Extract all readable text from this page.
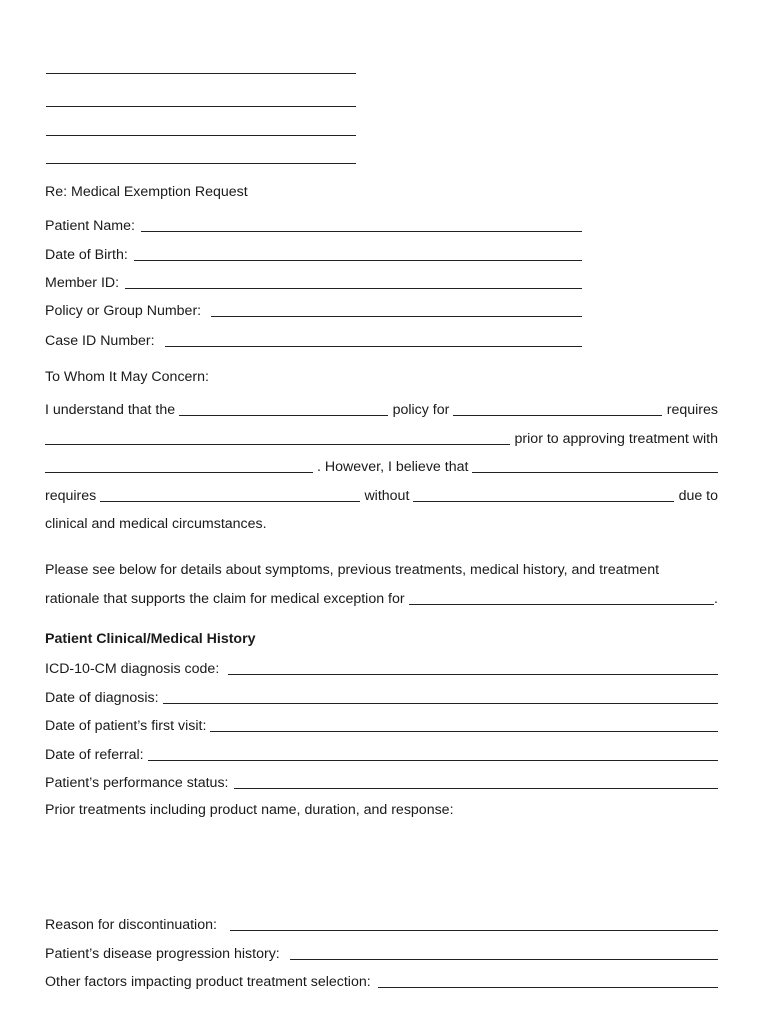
Re: Medical Exemption Request
Patient Name:
Date of Birth:
Member ID:
Policy or Group Number:
Case ID Number:
To Whom It May Concern:
I understand that the	policy for	requires
prior to approving treatment with
. However, I believe that
requires	without	due to
clinical and medical circumstances.
Please see below for details about symptoms, previous treatments, medical history, and treatment
rationale that supports the claim for medical exception for	.
Patient Clinical/Medical History
ICD-10-CM diagnosis code:
Date of diagnosis:
Date of patient’s first visit:
Date of referral:
Patient’s performance status:
Prior treatments including product name, duration, and response:
Reason for discontinuation:
Patient’s disease progression history:
Other factors impacting product treatment selection:
